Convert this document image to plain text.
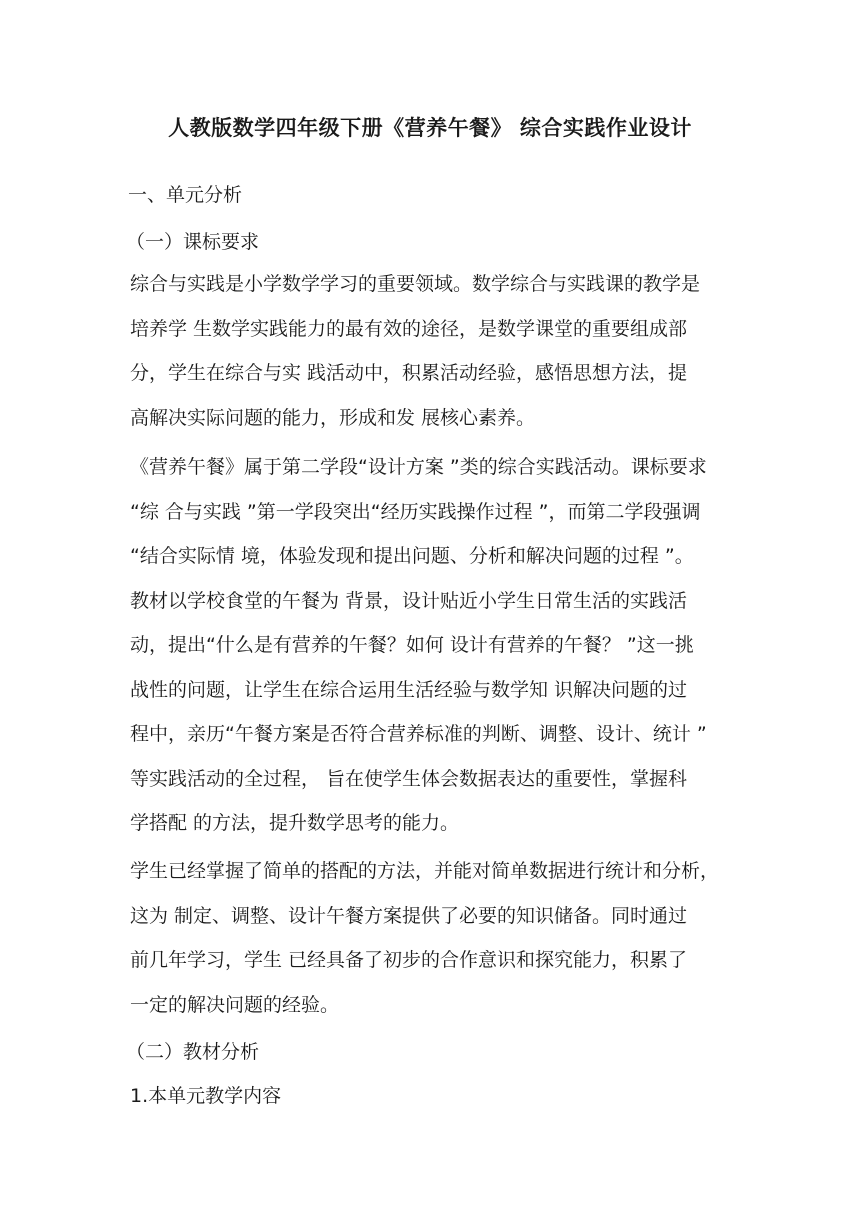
人教版数学四年级下册《营养午餐》 综合实践作业设计
一、单元分析
（一）课标要求
综合与实践是小学数学学习的重要领域。数学综合与实践课的教学是
培养学 生数学实践能力的最有效的途径，是数学课堂的重要组成部
分，学生在综合与实 践活动中，积累活动经验，感悟思想方法，提
高解决实际问题的能力，形成和发 展核心素养。
《营养午餐》属于第二学段“设计方案 ”类的综合实践活动。课标要求
“综 合与实践 ”第一学段突出“经历实践操作过程 ”，而第二学段强调
“结合实际情 境，体验发现和提出问题、分析和解决问题的过程 ”。
教材以学校食堂的午餐为 背景，设计贴近小学生日常生活的实践活
动，提出“什么是有营养的午餐？如何 设计有营养的午餐？ ”这一挑
战性的问题，让学生在综合运用生活经验与数学知 识解决问题的过
程中，亲历“午餐方案是否符合营养标准的判断、调整、设计、统计 ”
等实践活动的全过程， 旨在使学生体会数据表达的重要性，掌握科
学搭配 的方法，提升数学思考的能力。
学生已经掌握了简单的搭配的方法，并能对简单数据进行统计和分析，
这为 制定、调整、设计午餐方案提供了必要的知识储备。同时通过
前几年学习，学生 已经具备了初步的合作意识和探究能力，积累了
一定的解决问题的经验。
（二）教材分析
1.本单元教学内容
